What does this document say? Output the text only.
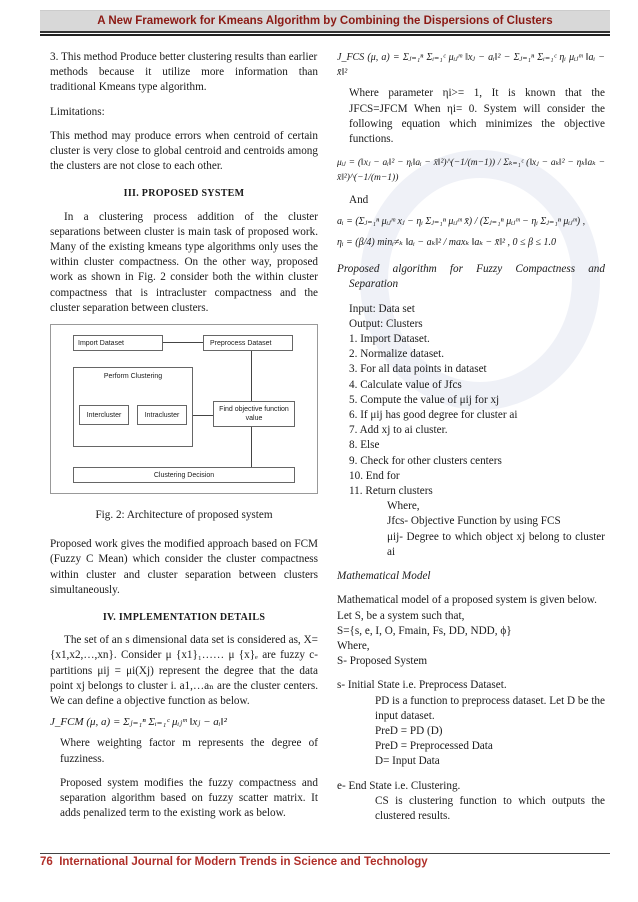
A New Framework for Kmeans Algorithm by Combining the Dispersions of Clusters

3. This method Produce better clustering results than earlier

methods because it utilize more information than traditional Kmeans type algorithm.

Limitations:

This method may produce errors when centroid of certain cluster is very close to global centroid and centroids among the clusters are not close to each other.

III. PROPOSED SYSTEM

In a clustering process addition of the cluster separations between cluster is main task of proposed work. Many of the existing kmeans type algorithms only uses the within cluster compactness. On the other way, proposed work as shown in Fig. 2 consider both the within cluster compactness that is intracluster compactness and the cluster separation between clusters.

Import Dataset	Preprocess Dataset
Perform Clustering
Intercluster	Intracluster
Find objective function value
Clustering Decision

Fig. 2: Architecture of proposed system

Proposed work gives the modified approach based on FCM (Fuzzy C Mean) which consider the cluster compactness within cluster and cluster separation between clusters simultaneously.

IV. IMPLEMENTATION DETAILS

The set of an s dimensional data set is considered as, X={x1,x2,…,xn}. Consider μ {x1}₁…… μ {x}ₑ are fuzzy c-partitions μij = μi(Xj) represent the degree that the data point xj belongs to cluster i. a1,…aₙ are the cluster centers. We can define a objective function as below.

J_FCM (μ, a) = Σⱼ₌₁ⁿ Σᵢ₌₁ᶜ μᵢⱼᵐ ‖xⱼ − aᵢ‖²

Where weighting factor m represents the degree of fuzziness.

Proposed system modifies the fuzzy compactness and separation algorithm based on fuzzy scatter matrix. It adds penalized term to the existing work as below.

J_FCS (μ, a) = Σⱼ₌₁ⁿ Σᵢ₌₁ᶜ μᵢⱼᵐ ‖xⱼ − aᵢ‖² − Σⱼ₌₁ⁿ Σᵢ₌₁ᶜ ηᵢ μᵢⱼᵐ ‖aᵢ − x̄‖²

Where parameter ηi>= 1, It is known that the JFCS=JFCM When ηi= 0. System will consider the following equation which minimizes the objective functions.

μᵢⱼ = (‖xⱼ − aᵢ‖² − ηᵢ‖aᵢ − x̄‖²)^(−1/(m−1)) / Σₖ₌₁ᶜ (‖xⱼ − aₖ‖² − ηₖ‖aₖ − x̄‖²)^(−1/(m−1))

And

aᵢ = (Σⱼ₌₁ⁿ μᵢⱼᵐ xⱼ − ηᵢ Σⱼ₌₁ⁿ μᵢⱼᵐ x̄) / (Σⱼ₌₁ⁿ μᵢⱼᵐ − ηᵢ Σⱼ₌₁ⁿ μᵢⱼᵐ) ,

ηᵢ = (β/4) minᵢ≠ₖ ‖aᵢ − aₖ‖² / maxₖ ‖aₖ − x̄‖² , 0 ≤ β ≤ 1.0

Proposed algorithm for Fuzzy Compactness and Separation

Input: Data set

Output: Clusters

1. Import Dataset.
2. Normalize dataset.
3. For all data points in dataset
4. Calculate value of Jfcs
5. Compute the value of μij for xj
6. If μij has good degree for cluster ai
7. Add xj to ai cluster.
8. Else
9. Check for other clusters centers
10. End for
11. Return clusters

Where,

Jfcs- Objective Function by using FCS

μij- Degree to which object xj belong to cluster ai

Mathematical Model

Mathematical model of a proposed system is given below.

Let S, be a system such that,

S={s, e, I, O, Fmain, Fs, DD, NDD, ϕ}

Where,

S- Proposed System

s- Initial State i.e. Preprocess Dataset.

PD is a function to preprocess dataset. Let D be the input dataset.

PreD = PD (D)

PreD = Preprocessed Data

D= Input Data

e- End State i.e. Clustering.

CS is clustering function to which outputs the clustered results.

76 International Journal for Modern Trends in Science and Technology
